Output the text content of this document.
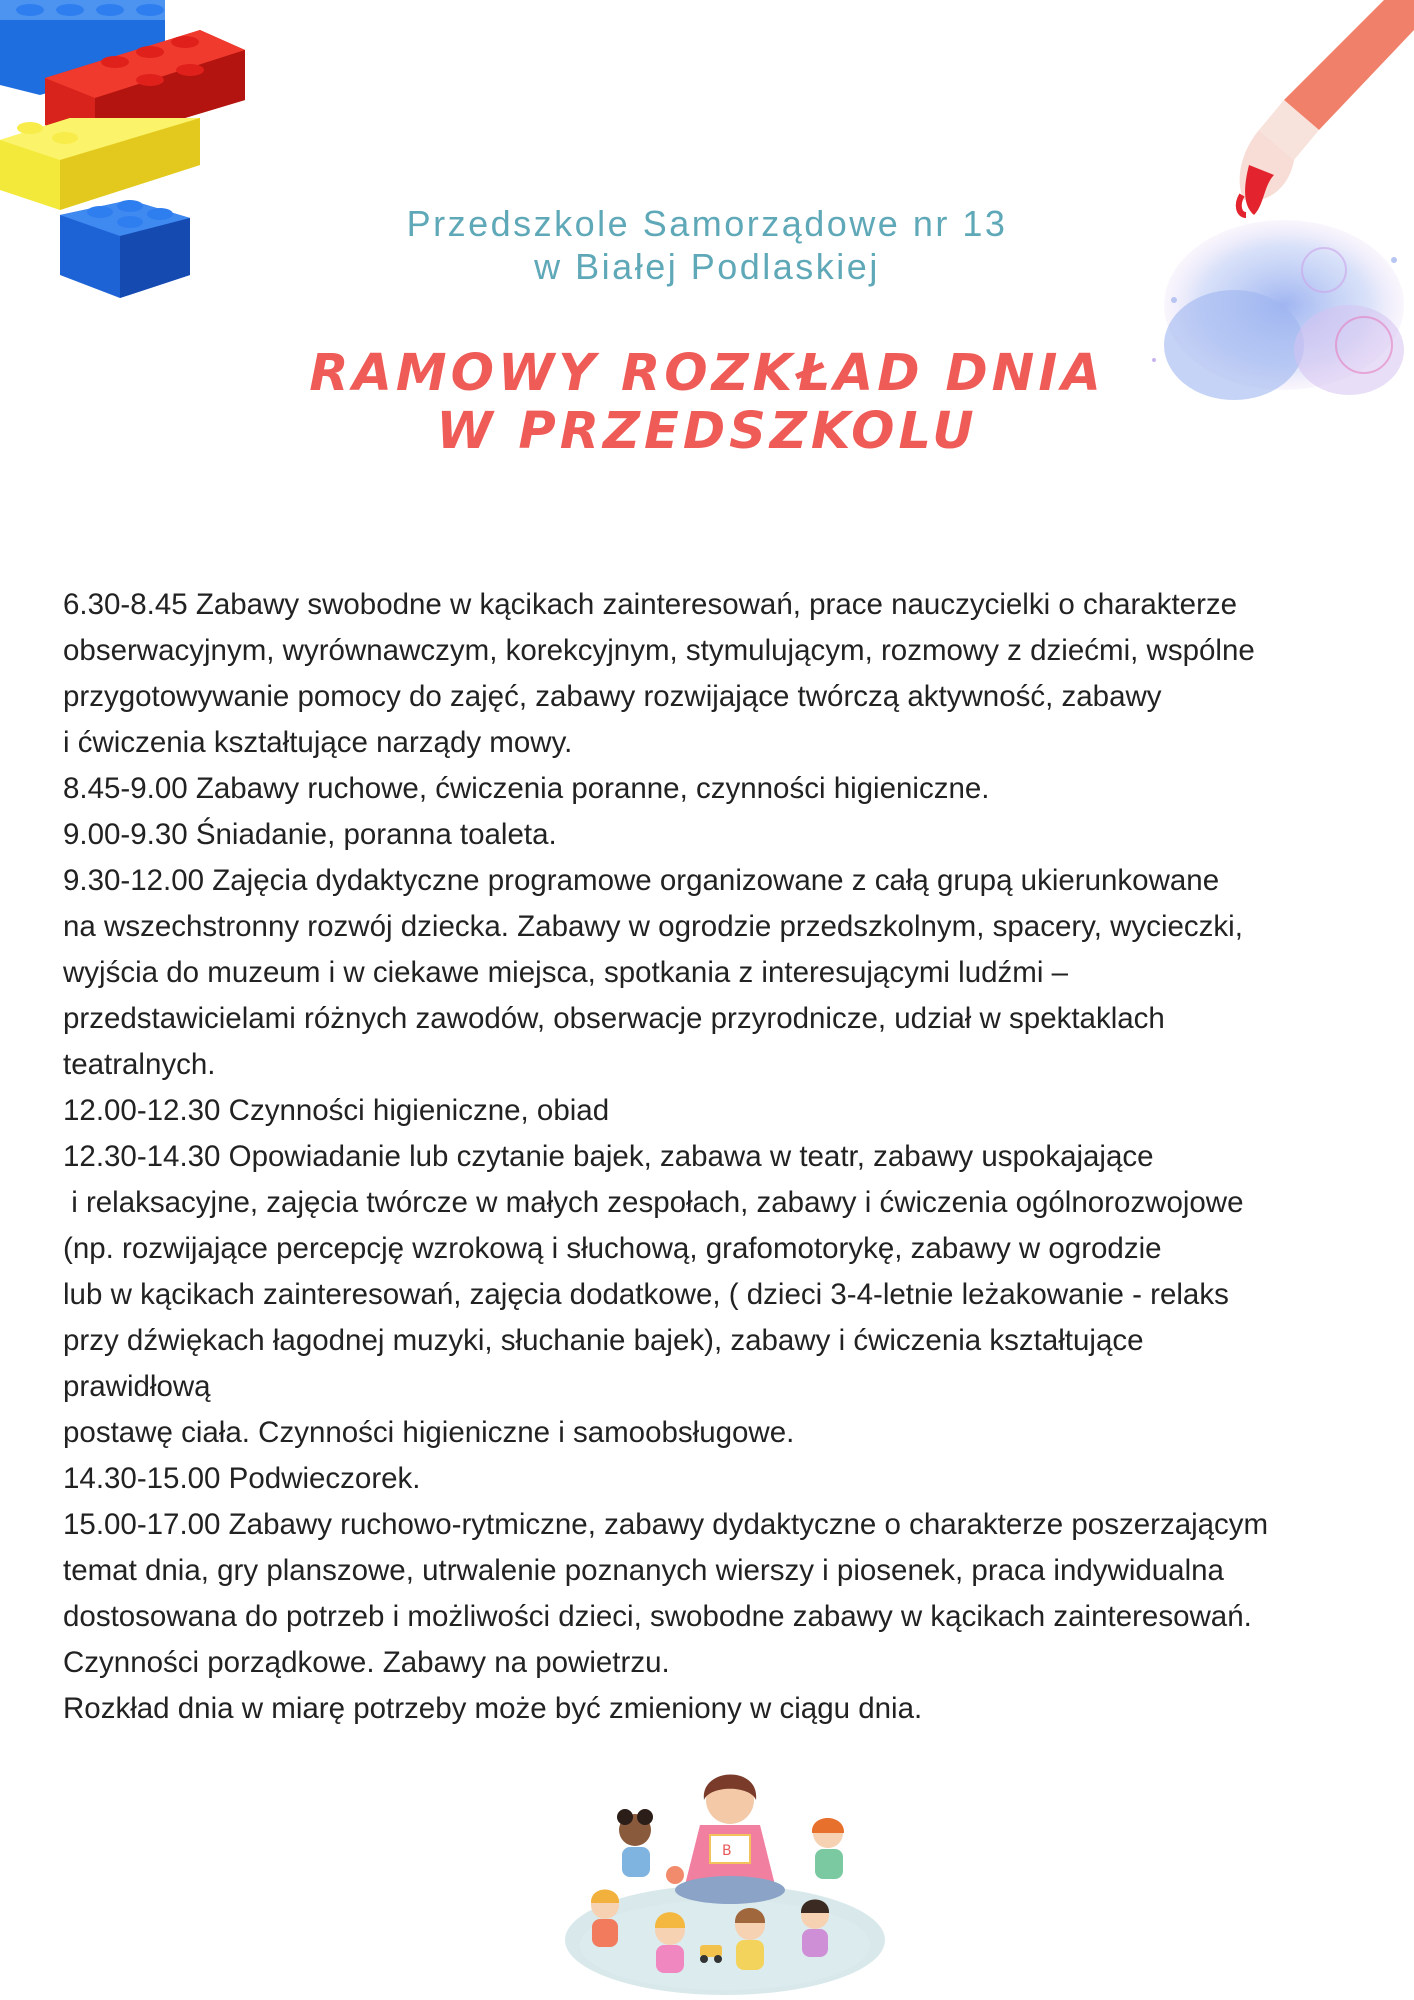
Przedszkole Samorządowe nr 13
w Białej Podlaskiej
RAMOWY ROZKŁAD DNIA
W PRZEDSZKOLU

6.30-8.45 Zabawy swobodne w kącikach zainteresowań, prace nauczycielki o charakterze

obserwacyjnym, wyrównawczym, korekcyjnym, stymulującym, rozmowy z dziećmi, wspólne

przygotowywanie pomocy do zajęć, zabawy rozwijające twórczą aktywność, zabawy

i ćwiczenia kształtujące narządy mowy.

8.45-9.00 Zabawy ruchowe, ćwiczenia poranne, czynności higieniczne.

9.00-9.30 Śniadanie, poranna toaleta.

9.30-12.00 Zajęcia dydaktyczne programowe organizowane z całą grupą ukierunkowane

na wszechstronny rozwój dziecka. Zabawy w ogrodzie przedszkolnym, spacery, wycieczki,

wyjścia do muzeum i w ciekawe miejsca, spotkania z interesującymi ludźmi –

przedstawicielami różnych zawodów, obserwacje przyrodnicze, udział w spektaklach

teatralnych.

12.00-12.30 Czynności higieniczne, obiad

12.30-14.30 Opowiadanie lub czytanie bajek, zabawa w teatr, zabawy uspokajające

i relaksacyjne, zajęcia twórcze w małych zespołach, zabawy i ćwiczenia ogólnorozwojowe

(np. rozwijające percepcję wzrokową i słuchową, grafomotorykę, zabawy w ogrodzie

lub w kącikach zainteresowań, zajęcia dodatkowe, ( dzieci 3-4-letnie leżakowanie - relaks

przy dźwiękach łagodnej muzyki, słuchanie bajek), zabawy i ćwiczenia kształtujące

prawidłową

postawę ciała. Czynności higieniczne i samoobsługowe.

14.30-15.00 Podwieczorek.

15.00-17.00 Zabawy ruchowo-rytmiczne, zabawy dydaktyczne o charakterze poszerzającym

temat dnia, gry planszowe, utrwalenie poznanych wierszy i piosenek, praca indywidualna

dostosowana do potrzeb i możliwości dzieci, swobodne zabawy w kącikach zainteresowań.

Czynności porządkowe. Zabawy na powietrzu.

Rozkład dnia w miarę potrzeby może być zmieniony w ciągu dnia.

B
